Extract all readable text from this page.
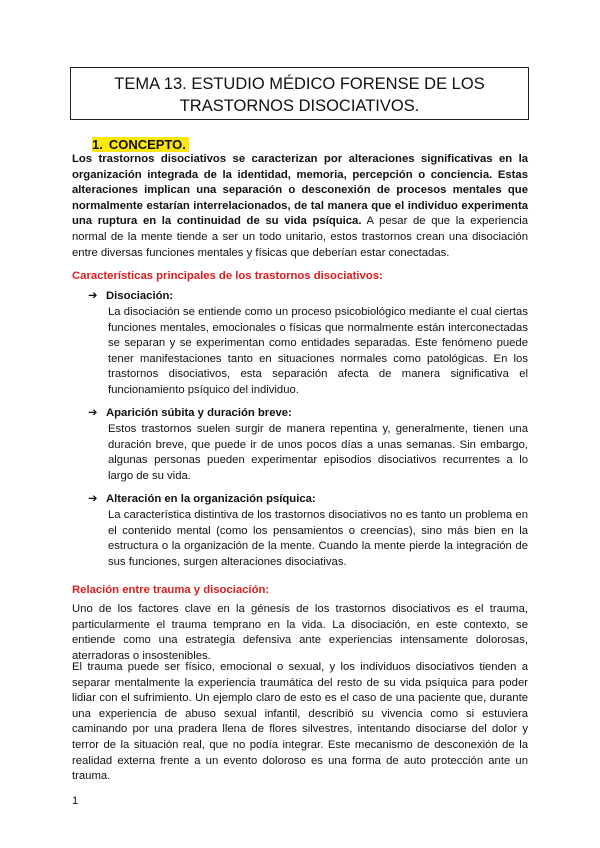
TEMA 13. ESTUDIO MÉDICO FORENSE DE LOS
TRASTORNOS DISOCIATIVOS.
1. CONCEPTO.
Los trastornos disociativos se caracterizan por alteraciones significativas en la organización integrada de la identidad, memoria, percepción o conciencia. Estas alteraciones implican una separación o desconexión de procesos mentales que normalmente estarían interrelacionados, de tal manera que el individuo experimenta una ruptura en la continuidad de su vida psíquica. A pesar de que la experiencia normal de la mente tiende a ser un todo unitario, estos trastornos crean una disociación entre diversas funciones mentales y físicas que deberían estar conectadas.
Características principales de los trastornos disociativos:
➔ Disociación:
La disociación se entiende como un proceso psicobiológico mediante el cual ciertas funciones mentales, emocionales o físicas que normalmente están interconectadas se separan y se experimentan como entidades separadas. Este fenómeno puede tener manifestaciones tanto en situaciones normales como patológicas. En los trastornos disociativos, esta separación afecta de manera significativa el funcionamiento psíquico del individuo.
➔ Aparición súbita y duración breve:
Estos trastornos suelen surgir de manera repentina y, generalmente, tienen una duración breve, que puede ir de unos pocos días a unas semanas. Sin embargo, algunas personas pueden experimentar episodios disociativos recurrentes a lo largo de su vida.
➔ Alteración en la organización psíquica:
La característica distintiva de los trastornos disociativos no es tanto un problema en el contenido mental (como los pensamientos o creencias), sino más bien en la estructura o la organización de la mente. Cuando la mente pierde la integración de sus funciones, surgen alteraciones disociativas.
Relación entre trauma y disociación:
Uno de los factores clave en la génesis de los trastornos disociativos es el trauma, particularmente el trauma temprano en la vida. La disociación, en este contexto, se entiende como una estrategia defensiva ante experiencias intensamente dolorosas, aterradoras o insostenibles.
El trauma puede ser físico, emocional o sexual, y los individuos disociativos tienden a separar mentalmente la experiencia traumática del resto de su vida psíquica para poder lidiar con el sufrimiento. Un ejemplo claro de esto es el caso de una paciente que, durante una experiencia de abuso sexual infantil, describió su vivencia como si estuviera caminando por una pradera llena de flores silvestres, intentando disociarse del dolor y terror de la situación real, que no podía integrar. Este mecanismo de desconexión de la realidad externa frente a un evento doloroso es una forma de auto protección ante un trauma.
1
